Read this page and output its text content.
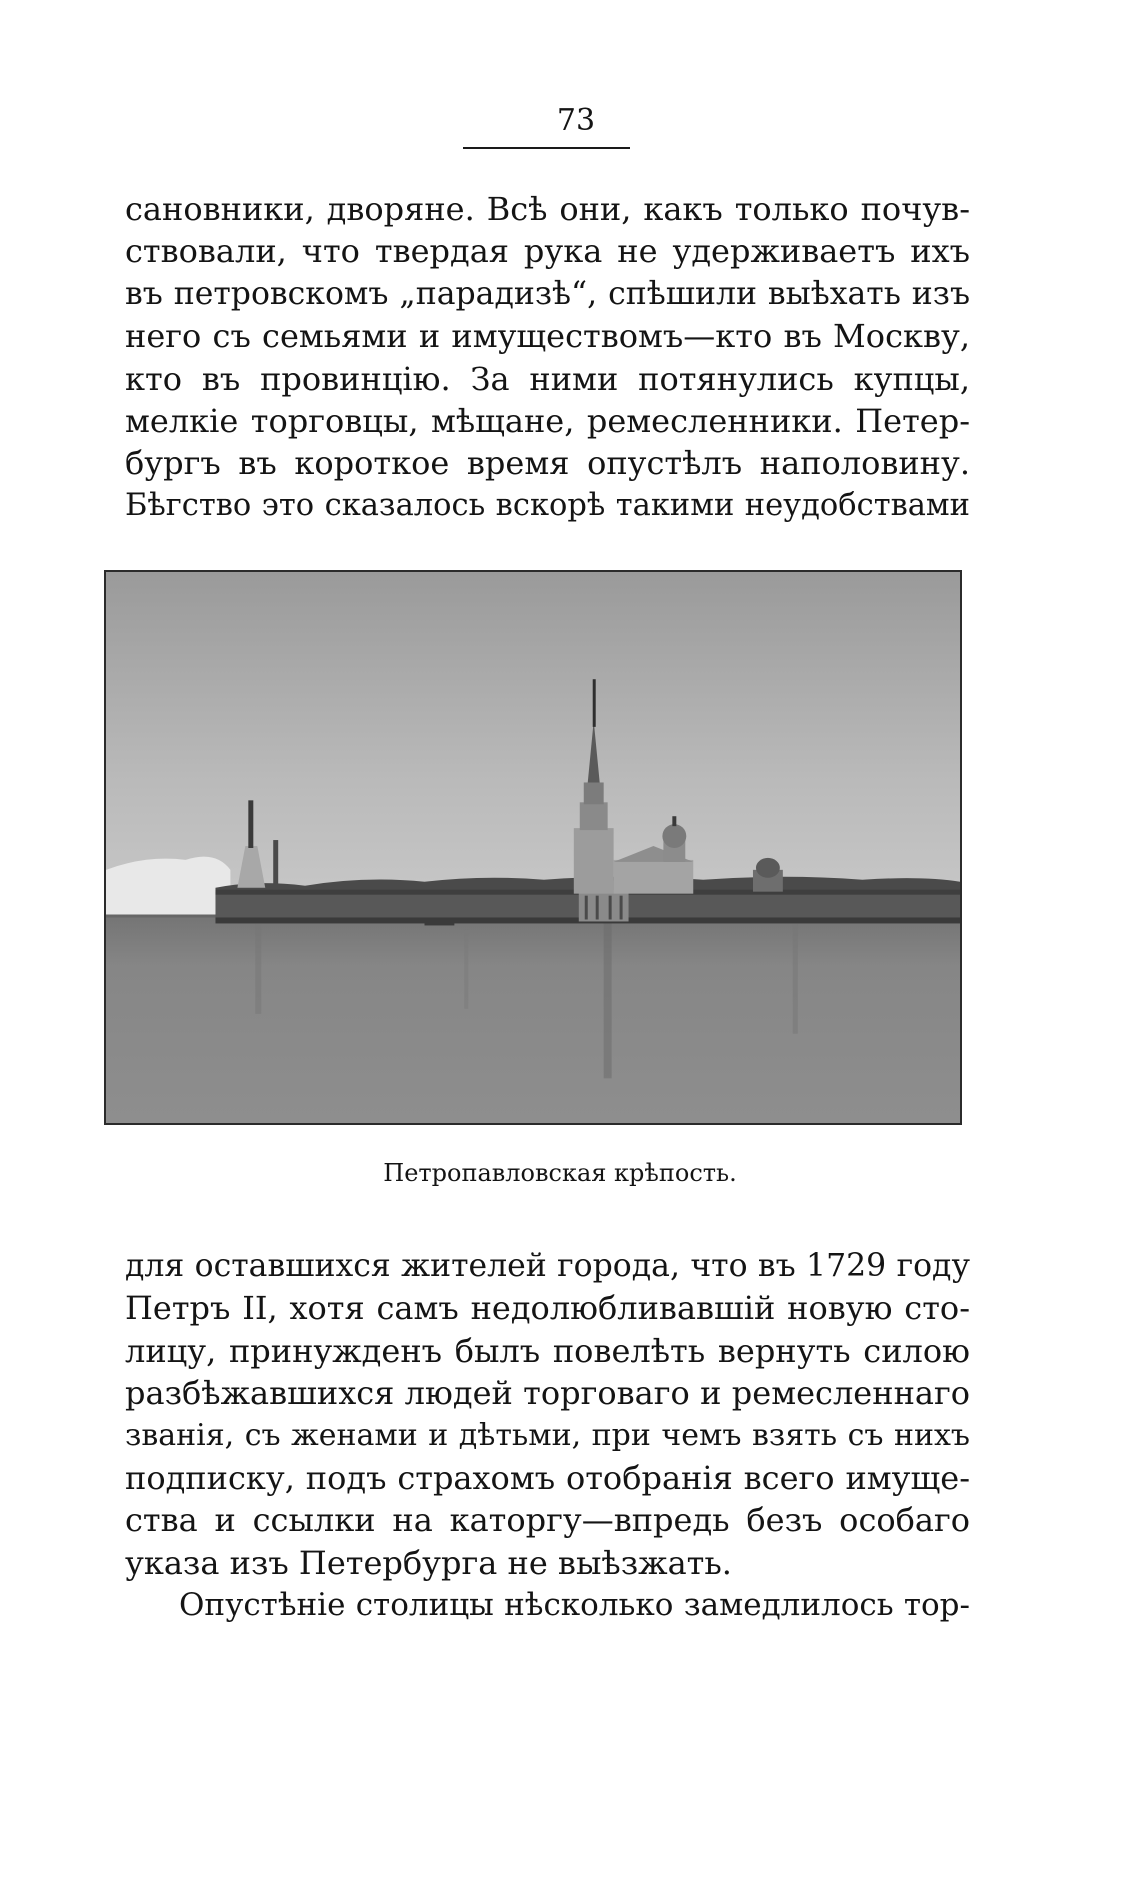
73
сановники, дворяне. Всѣ они, какъ только почув-
ствовали, что твердая рука не удерживаетъ ихъ
въ петровскомъ „парадизѣ“, спѣшили выѣхать изъ
него съ семьями и имуществомъ—кто въ Москву,
кто въ провинцію. За ними потянулись купцы,
мелкіе торговцы, мѣщане, ремесленники. Петер-
бургъ въ короткое время опустѣлъ наполовину.
Бѣгство это сказалось вскорѣ такими неудобствами
Петропавловская крѣпость.
для оставшихся жителей города, что въ 1729 году
Петръ II, хотя самъ недолюбливавшій новую сто-
лицу, принужденъ былъ повелѣть вернуть силою
разбѣжавшихся людей торговаго и ремесленнаго
званія, съ женами и дѣтьми, при чемъ взять съ нихъ
подписку, подъ страхомъ отобранія всего имуще-
ства и ссылки на каторгу—впредь безъ особаго
указа изъ Петербурга не выѣзжать.
Опустѣніе столицы нѣсколько замедлилось тор-
